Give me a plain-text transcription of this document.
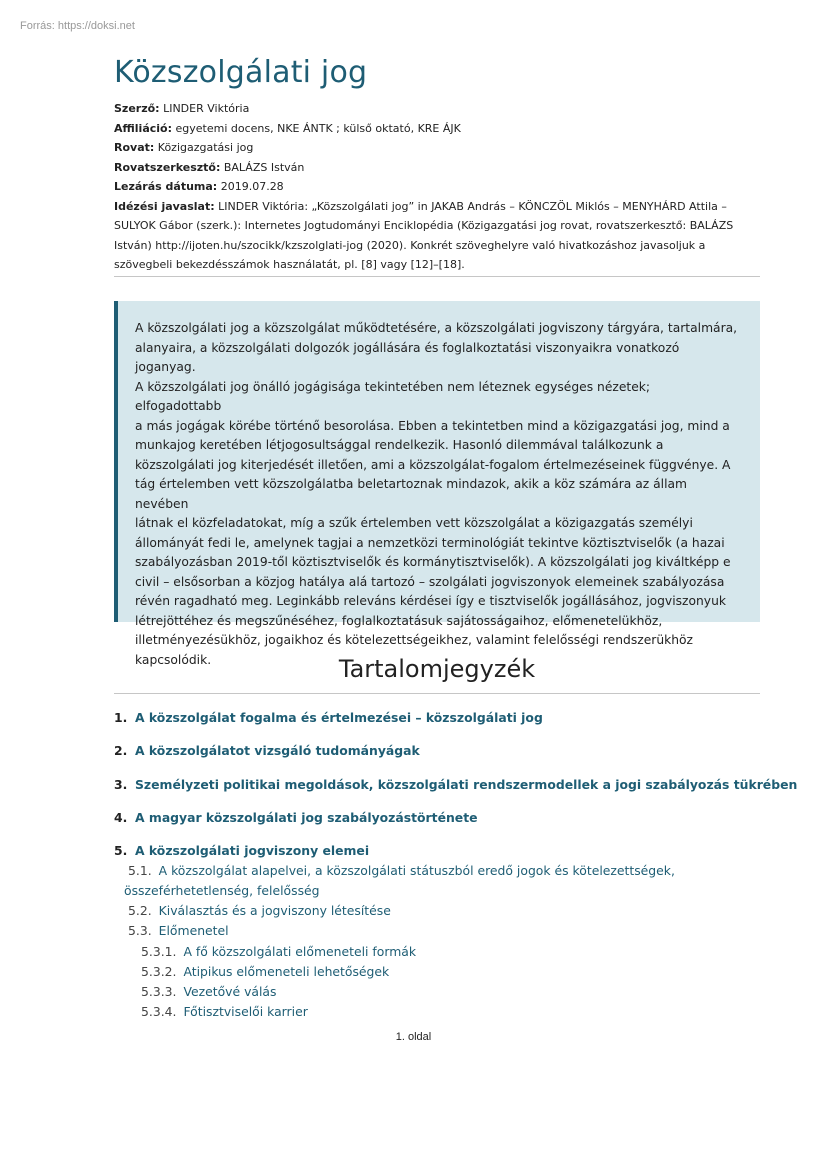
Forrás: https://doksi.net
Közszolgálati jog
Szerző: LINDER Viktória
Affiliáció: egyetemi docens, NKE ÁNTK ; külső oktató, KRE ÁJK
Rovat: Közigazgatási jog
Rovatszerkesztő: BALÁZS István
Lezárás dátuma: 2019.07.28
Idézési javaslat: LINDER Viktória: „Közszolgálati jog” in JAKAB András – KÖNCZÖL Miklós – MENYHÁRD Attila –
SULYOK Gábor (szerk.): Internetes Jogtudományi Enciklopédia (Közigazgatási jog rovat, rovatszerkesztő: BALÁZS
István) http://ijoten.hu/szocikk/kzszolglati-jog (2020). Konkrét szöveghelyre való hivatkozáshoz javasoljuk a
szövegbeli bekezdésszámok használatát, pl. [8] vagy [12]–[18].
A közszolgálati jog a közszolgálat működtetésére, a közszolgálati jogviszony tárgyára, tartalmára,
alanyaira, a közszolgálati dolgozók jogállására és foglalkoztatási viszonyaikra vonatkozó joganyag.
A közszolgálati jog önálló jogágisága tekintetében nem léteznek egységes nézetek; elfogadottabb
a más jogágak körébe történő besorolása. Ebben a tekintetben mind a közigazgatási jog, mind a
munkajog keretében létjogosultsággal rendelkezik. Hasonló dilemmával találkozunk a
közszolgálati jog kiterjedését illetően, ami a közszolgálat-fogalom értelmezéseinek függvénye. A
tág értelemben vett közszolgálatba beletartoznak mindazok, akik a köz számára az állam nevében
látnak el közfeladatokat, míg a szűk értelemben vett közszolgálat a közigazgatás személyi
állományát fedi le, amelynek tagjai a nemzetközi terminológiát tekintve köztisztviselők (a hazai
szabályozásban 2019-től köztisztviselők és kormánytisztviselők). A közszolgálati jog kiváltképp e
civil – elsősorban a közjog hatálya alá tartozó – szolgálati jogviszonyok elemeinek szabályozása
révén ragadható meg. Leginkább releváns kérdései így e tisztviselők jogállásához, jogviszonyuk
létrejöttéhez és megszűnéséhez, foglalkoztatásuk sajátosságaihoz, előmenetelükhöz,
illetményezésükhöz, jogaikhoz és kötelezettségeikhez, valamint felelősségi rendszerükhöz
kapcsolódik.	Tartalomjegyzék
1. A közszolgálat fogalma és értelmezései – közszolgálati jog
2. A közszolgálatot vizsgáló tudományágak
3. Személyzeti politikai megoldások, közszolgálati rendszermodellek a jogi szabályozás tükrében
4. A magyar közszolgálati jog szabályozástörténete
5. A közszolgálati jogviszony elemei
5.1. A közszolgálat alapelvei, a közszolgálati státuszból eredő jogok és kötelezettségek,
összeférhetetlenség, felelősség
5.2. Kiválasztás és a jogviszony létesítése
5.3. Előmenetel
5.3.1. A fő közszolgálati előmeneteli formák
5.3.2. Atipikus előmeneteli lehetőségek
5.3.3. Vezetővé válás
5.3.4. Főtisztviselői karrier
1. oldal
